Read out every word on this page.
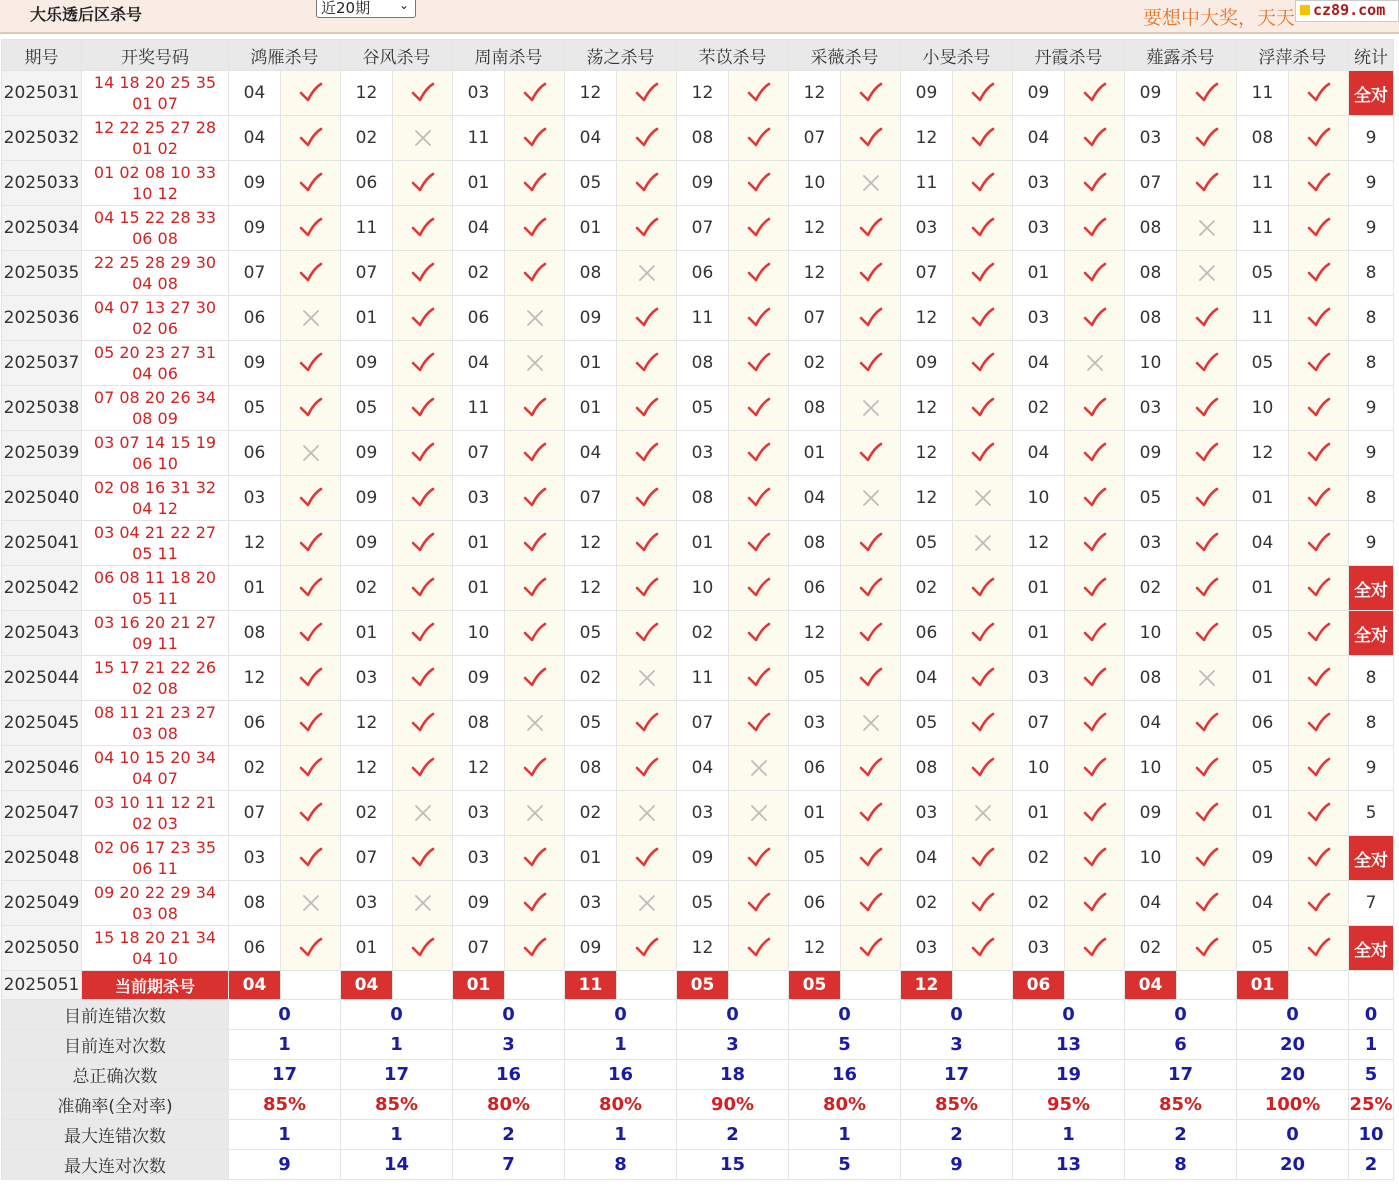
大乐透后区杀号	近20期 ⌄
要想中大奖，天天	cz89.com
期号	开奖号码	鸿雁杀号		谷风杀号		周南杀号		荡之杀号		芣苡杀号		采薇杀号		小旻杀号		丹霞杀号		薤露杀号		浮萍杀号		统计
2025031	14 18 20 25 35
01 07	04		12		03		12		12		12		09		09		09		11		全对
2025032	12 22 25 27 28
01 02	04		02		11		04		08		07		12		04		03		08		9
2025033	01 02 08 10 33
10 12	09		06		01		05		09		10		11		03		07		11		9
2025034	04 15 22 28 33
06 08	09		11		04		01		07		12		03		03		08		11		9
2025035	22 25 28 29 30
04 08	07		07		02		08		06		12		07		01		08		05		8
2025036	04 07 13 27 30
02 06	06		01		06		09		11		07		12		03		08		11		8
2025037	05 20 23 27 31
04 06	09		09		04		01		08		02		09		04		10		05		8
2025038	07 08 20 26 34
08 09	05		05		11		01		05		08		12		02		03		10		9
2025039	03 07 14 15 19
06 10	06		09		07		04		03		01		12		04		09		12		9
2025040	02 08 16 31 32
04 12	03		09		03		07		08		04		12		10		05		01		8
2025041	03 04 21 22 27
05 11	12		09		01		12		01		08		05		12		03		04		9
2025042	06 08 11 18 20
05 11	01		02		01		12		10		06		02		01		02		01		全对
2025043	03 16 20 21 27
09 11	08		01		10		05		02		12		06		01		10		05		全对
2025044	15 17 21 22 26
02 08	12		03		09		02		11		05		04		03		08		01		8
2025045	08 11 21 23 27
03 08	06		12		08		05		07		03		05		07		04		06		8
2025046	04 10 15 20 34
04 07	02		12		12		08		04		06		08		10		10		05		9
2025047	03 10 11 12 21
02 03	07		02		03		02		03		01		03		01		09		01		5
2025048	02 06 17 23 35
06 11	03		07		03		01		09		05		04		02		10		09		全对
2025049	09 20 22 29 34
03 08	08		03		09		03		05		06		02		02		04		04		7
2025050	15 18 20 21 34
04 10	06		01		07		09		12		12		03		03		02		05		全对
2025051	当前期杀号	04		04		01		11		05		05		12		06		04		01		
目前连错次数		0		0		0		0		0		0		0		0		0		0		0
目前连对次数		1		1		3		1		3		5		3		13		6		20		1
总正确次数		17		17		16		16		18		16		17		19		17		20		5
准确率(全对率)		85%		85%		80%		80%		90%		80%		85%		95%		85%		100%		25%
最大连错次数		1		1		2		1		2		1		2		1		2		0		10
最大连对次数		9		14		7		8		15		5		9		13		8		20		2
